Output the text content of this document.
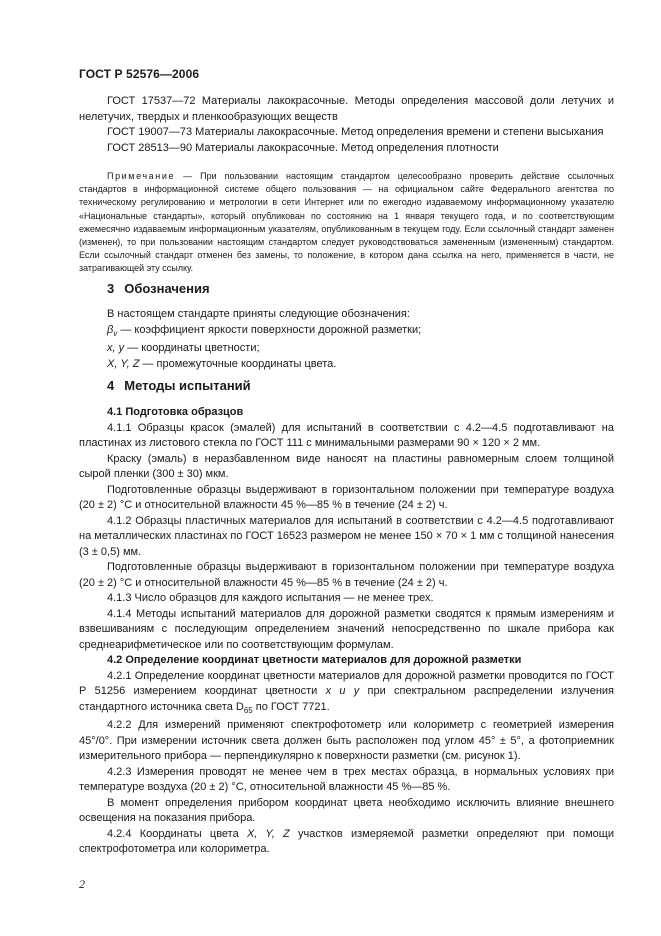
ГОСТ Р 52576—2006

ГОСТ 17537—72 Материалы лакокрасочные. Методы определения массовой доли летучих и нелетучих, твердых и пленкообразующих веществ

ГОСТ 19007—73 Материалы лакокрасочные. Метод определения времени и степени высыхания

ГОСТ 28513—90 Материалы лакокрасочные. Метод определения плотности

Примечание — При пользовании настоящим стандартом целесообразно проверить действие ссылочных стандартов в информационной системе общего пользования — на официальном сайте Федерального агентства по техническому регулированию и метрологии в сети Интернет или по ежегодно издаваемому информационному указателю «Национальные стандарты», который опубликован по состоянию на 1 января текущего года, и по соответствующим ежемесячно издаваемым информационным указателям, опубликованным в текущем году. Если ссылочный стандарт заменен (изменен), то при пользовании настоящим стандартом следует руководствоваться замененным (измененным) стандартом. Если ссылочный стандарт отменен без замены, то положение, в котором дана ссылка на него, применяется в части, не затрагивающей эту ссылку.

3 Обозначения

В настоящем стандарте приняты следующие обозначения:

$\beta_v$ — коэффициент яркости поверхности дорожной разметки;

x, y — координаты цветности;

X, Y, Z — промежуточные координаты цвета.

4 Методы испытаний

4.1 Подготовка образцов

4.1.1 Образцы красок (эмалей) для испытаний в соответствии с 4.2—4.5 подготавливают на пластинах из листового стекла по ГОСТ 111 с минимальными размерами 90 × 120 × 2 мм.

Краску (эмаль) в неразбавленном виде наносят на пластины равномерным слоем толщиной сырой пленки (300 ± 30) мкм.

Подготовленные образцы выдерживают в горизонтальном положении при температуре воздуха (20 ± 2) °С и относительной влажности 45 %—85 % в течение (24 ± 2) ч.

4.1.2 Образцы пластичных материалов для испытаний в соответствии с 4.2—4.5 подготавливают на металлических пластинах по ГОСТ 16523 размером не менее 150 × 70 × 1 мм с толщиной нанесения (3 ± 0,5) мм.

Подготовленные образцы выдерживают в горизонтальном положении при температуре воздуха (20 ± 2) °С и относительной влажности 45 %—85 % в течение (24 ± 2) ч.

4.1.3 Число образцов для каждого испытания — не менее трех.

4.1.4 Методы испытаний материалов для дорожной разметки сводятся к прямым измерениям и взвешиваниям с последующим определением значений непосредственно по шкале прибора как среднеарифметическое или по соответствующим формулам.

4.2 Определение координат цветности материалов для дорожной разметки

4.2.1 Определение координат цветности материалов для дорожной разметки проводится по ГОСТ Р 51256 измерением координат цветности x и y при спектральном распределении излучения стандартного источника света $D_{65}$ по ГОСТ 7721.

4.2.2 Для измерений применяют спектрофотометр или колориметр с геометрией измерения 45°/0°. При измерении источник света должен быть расположен под углом 45° ± 5°, а фотоприемник измерительного прибора — перпендикулярно к поверхности разметки (см. рисунок 1).

4.2.3 Измерения проводят не менее чем в трех местах образца, в нормальных условиях при температуре воздуха (20 ± 2) °С, относительной влажности 45 %—85 %.

В момент определения прибором координат цвета необходимо исключить влияние внешнего освещения на показания прибора.

4.2.4 Координаты цвета X, Y, Z участков измеряемой разметки определяют при помощи спектрофотометра или колориметра.

2
